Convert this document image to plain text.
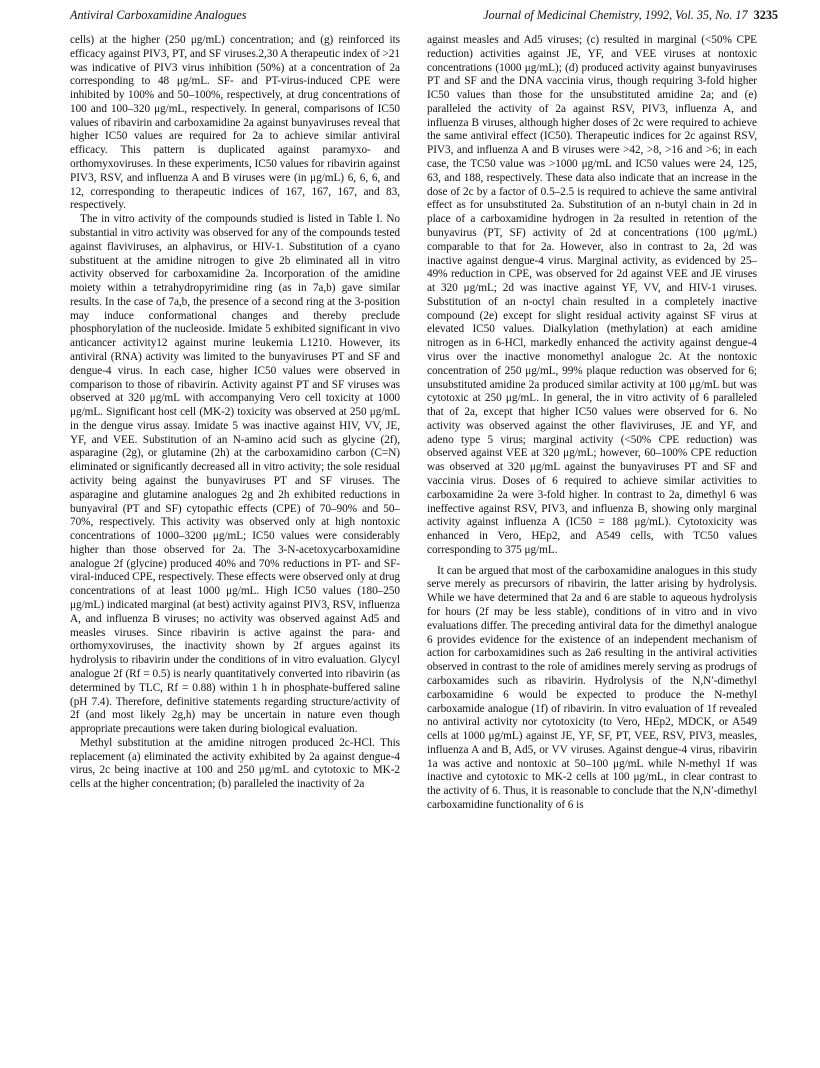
Antiviral Carboxamidine Analogues	Journal of Medicinal Chemistry, 1992, Vol. 35, No. 17 3235

cells) at the higher (250 μg/mL) concentration; and (g) reinforced its efficacy against PIV3, PT, and SF viruses.2,30 A therapeutic index of >21 was indicative of PIV3 virus inhibition (50%) at a concentration of 2a corresponding to 48 μg/mL. SF- and PT-virus-induced CPE were inhibited by 100% and 50–100%, respectively, at drug concentrations of 100 and 100–320 μg/mL, respectively. In general, comparisons of IC50 values of ribavirin and carboxamidine 2a against bunyaviruses reveal that higher IC50 values are required for 2a to achieve similar antiviral efficacy. This pattern is duplicated against paramyxo- and orthomyxoviruses. In these experiments, IC50 values for ribavirin against PIV3, RSV, and influenza A and B viruses were (in μg/mL) 6, 6, 6, and 12, corresponding to therapeutic indices of 167, 167, 167, and 83, respectively.

The in vitro activity of the compounds studied is listed in Table I. No substantial in vitro activity was observed for any of the compounds tested against flaviviruses, an alphavirus, or HIV-1. Substitution of a cyano substituent at the amidine nitrogen to give 2b eliminated all in vitro activity observed for carboxamidine 2a. Incorporation of the amidine moiety within a tetrahydropyrimidine ring (as in 7a,b) gave similar results. In the case of 7a,b, the presence of a second ring at the 3-position may induce conformational changes and thereby preclude phosphorylation of the nucleoside. Imidate 5 exhibited significant in vivo anticancer activity12 against murine leukemia L1210. However, its antiviral (RNA) activity was limited to the bunyaviruses PT and SF and dengue-4 virus. In each case, higher IC50 values were observed in comparison to those of ribavirin. Activity against PT and SF viruses was observed at 320 μg/mL with accompanying Vero cell toxicity at 1000 μg/mL. Significant host cell (MK-2) toxicity was observed at 250 μg/mL in the dengue virus assay. Imidate 5 was inactive against HIV, VV, JE, YF, and VEE. Substitution of an N-amino acid such as glycine (2f), asparagine (2g), or glutamine (2h) at the carboxamidino carbon (C=N) eliminated or significantly decreased all in vitro activity; the sole residual activity being against the bunyaviruses PT and SF viruses. The asparagine and glutamine analogues 2g and 2h exhibited reductions in bunyaviral (PT and SF) cytopathic effects (CPE) of 70–90% and 50–70%, respectively. This activity was observed only at high nontoxic concentrations of 1000–3200 μg/mL; IC50 values were considerably higher than those observed for 2a. The 3-N-acetoxycarboxamidine analogue 2f (glycine) produced 40% and 70% reductions in PT- and SF-viral-induced CPE, respectively. These effects were observed only at drug concentrations of at least 1000 μg/mL. High IC50 values (180–250 μg/mL) indicated marginal (at best) activity against PIV3, RSV, influenza A, and influenza B viruses; no activity was observed against Ad5 and measles viruses. Since ribavirin is active against the para- and orthomyxoviruses, the inactivity shown by 2f argues against its hydrolysis to ribavirin under the conditions of in vitro evaluation. Glycyl analogue 2f (Rf = 0.5) is nearly quantitatively converted into ribavirin (as determined by TLC, Rf = 0.88) within 1 h in phosphate-buffered saline (pH 7.4). Therefore, definitive statements regarding structure/activity of 2f (and most likely 2g,h) may be uncertain in nature even though appropriate precautions were taken during biological evaluation.

Methyl substitution at the amidine nitrogen produced 2c-HCl. This replacement (a) eliminated the activity exhibited by 2a against dengue-4 virus, 2c being inactive at 100 and 250 μg/mL and cytotoxic to MK-2 cells at the higher concentration; (b) paralleled the inactivity of 2a

against measles and Ad5 viruses; (c) resulted in marginal (<50% CPE reduction) activities against JE, YF, and VEE viruses at nontoxic concentrations (1000 μg/mL); (d) produced activity against bunyaviruses PT and SF and the DNA vaccinia virus, though requiring 3-fold higher IC50 values than those for the unsubstituted amidine 2a; and (e) paralleled the activity of 2a against RSV, PIV3, influenza A, and influenza B viruses, although higher doses of 2c were required to achieve the same antiviral effect (IC50). Therapeutic indices for 2c against RSV, PIV3, and influenza A and B viruses were >42, >8, >16 and >6; in each case, the TC50 value was >1000 μg/mL and IC50 values were 24, 125, 63, and 188, respectively. These data also indicate that an increase in the dose of 2c by a factor of 0.5–2.5 is required to achieve the same antiviral effect as for unsubstituted 2a. Substitution of an n-butyl chain in 2d in place of a carboxamidine hydrogen in 2a resulted in retention of the bunyavirus (PT, SF) activity of 2d at concentrations (100 μg/mL) comparable to that for 2a. However, also in contrast to 2a, 2d was inactive against dengue-4 virus. Marginal activity, as evidenced by 25–49% reduction in CPE, was observed for 2d against VEE and JE viruses at 320 μg/mL; 2d was inactive against YF, VV, and HIV-1 viruses. Substitution of an n-octyl chain resulted in a completely inactive compound (2e) except for slight residual activity against SF virus at elevated IC50 values. Dialkylation (methylation) at each amidine nitrogen as in 6-HCl, markedly enhanced the activity against dengue-4 virus over the inactive monomethyl analogue 2c. At the nontoxic concentration of 250 μg/mL, 99% plaque reduction was observed for 6; unsubstituted amidine 2a produced similar activity at 100 μg/mL but was cytotoxic at 250 μg/mL. In general, the in vitro activity of 6 paralleled that of 2a, except that higher IC50 values were observed for 6. No activity was observed against the other flaviviruses, JE and YF, and adeno type 5 virus; marginal activity (<50% CPE reduction) was observed against VEE at 320 μg/mL; however, 60–100% CPE reduction was observed at 320 μg/mL against the bunyaviruses PT and SF and vaccinia virus. Doses of 6 required to achieve similar activities to carboxamidine 2a were 3-fold higher. In contrast to 2a, dimethyl 6 was ineffective against RSV, PIV3, and influenza B, showing only marginal activity against influenza A (IC50 = 188 μg/mL). Cytotoxicity was enhanced in Vero, HEp2, and A549 cells, with TC50 values corresponding to 375 μg/mL.

It can be argued that most of the carboxamidine analogues in this study serve merely as precursors of ribavirin, the latter arising by hydrolysis. While we have determined that 2a and 6 are stable to aqueous hydrolysis for hours (2f may be less stable), conditions of in vitro and in vivo evaluations differ. The preceding antiviral data for the dimethyl analogue 6 provides evidence for the existence of an independent mechanism of action for carboxamidines such as 2a6 resulting in the antiviral activities observed in contrast to the role of amidines merely serving as prodrugs of carboxamides such as ribavirin. Hydrolysis of the N,N′-dimethyl carboxamidine 6 would be expected to produce the N-methyl carboxamide analogue (1f) of ribavirin. In vitro evaluation of 1f revealed no antiviral activity nor cytotoxicity (to Vero, HEp2, MDCK, or A549 cells at 1000 μg/mL) against JE, YF, SF, PT, VEE, RSV, PIV3, measles, influenza A and B, Ad5, or VV viruses. Against dengue-4 virus, ribavirin 1a was active and nontoxic at 50–100 μg/mL while N-methyl 1f was inactive and cytotoxic to MK-2 cells at 100 μg/mL, in clear contrast to the activity of 6. Thus, it is reasonable to conclude that the N,N′-dimethyl carboxamidine functionality of 6 is
